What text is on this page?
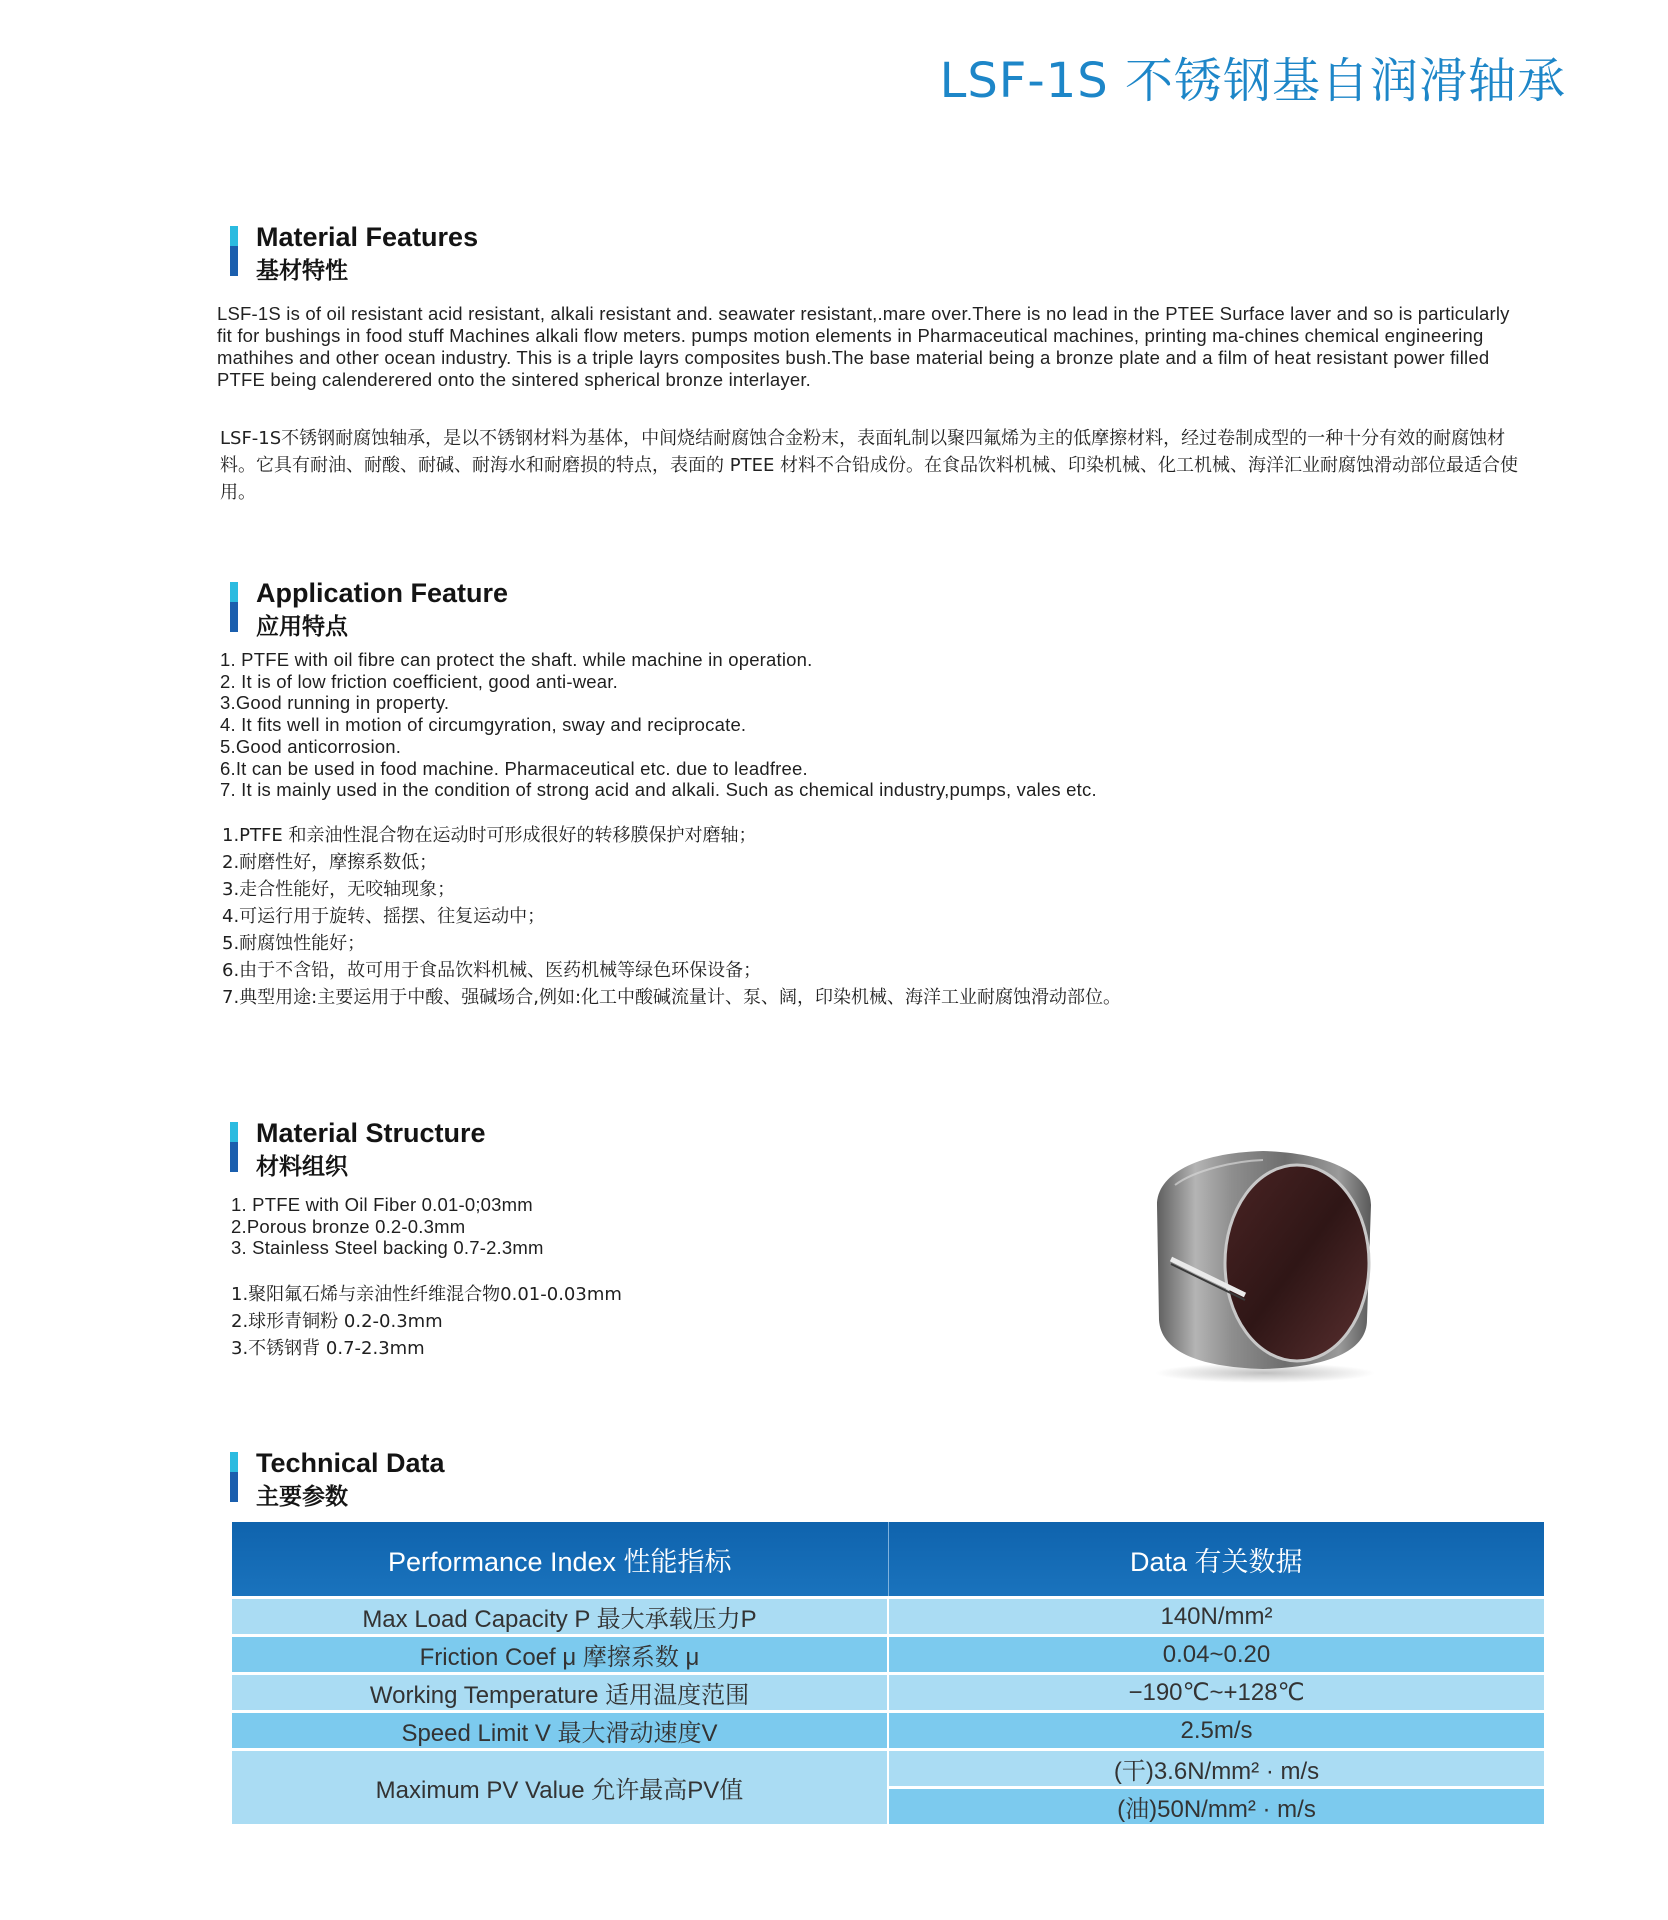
LSF-1S 不锈钢基自润滑轴承
Material Features
基材特性
LSF-1S is of oil resistant acid resistant, alkali resistant and. seawater resistant,.mare over.There is no lead in the PTEE Surface laver and so is particularly fit for bushings in food stuff Machines alkali flow meters. pumps motion elements in Pharmaceutical machines, printing ma-chines chemical engineering mathihes and other ocean industry. This is a triple layrs composites bush.The base material being a bronze plate and a film of heat resistant power filled PTFE being calenderered onto the sintered spherical bronze interlayer.
LSF-1S不锈钢耐腐蚀轴承，是以不锈钢材料为基体，中间烧结耐腐蚀合金粉末，表面轧制以聚四氟烯为主的低摩擦材料，经过卷制成型的一种十分有效的耐腐蚀材料。它具有耐油、耐酸、耐碱、耐海水和耐磨损的特点，表面的 PTEE 材料不合铅成份。在食品饮料机械、印染机械、化工机械、海洋汇业耐腐蚀滑动部位最适合使用。
Application Feature
应用特点
1. PTFE with oil fibre can protect the shaft. while machine in operation.
2. It is of low friction coefficient, good anti-wear.
3.Good running in property.
4. It fits well in motion of circumgyration, sway and reciprocate.
5.Good anticorrosion.
6.It can be used in food machine. Pharmaceutical etc. due to leadfree.
7. It is mainly used in the condition of strong acid and alkali. Such as chemical industry,pumps, vales etc.
1.PTFE 和亲油性混合物在运动时可形成很好的转移膜保护对磨轴；
2.耐磨性好，摩擦系数低；
3.走合性能好，无咬轴现象；
4.可运行用于旋转、摇摆、往复运动中；
5.耐腐蚀性能好；
6.由于不含铅，故可用于食品饮料机械、医药机械等绿色环保设备；
7.典型用途:主要运用于中酸、强碱场合,例如:化工中酸碱流量计、泵、阔，印染机械、海洋工业耐腐蚀滑动部位。
Material Structure
材料组织
1. PTFE with Oil Fiber 0.01-0;03mm
2.Porous bronze 0.2-0.3mm
3. Stainless Steel backing 0.7-2.3mm
1.聚阳氟石烯与亲油性纤维混合物0.01-0.03mm
2.球形青铜粉 0.2-0.3mm
3.不锈钢背 0.7-2.3mm
Technical Data
主要参数
Performance Index 性能指标	Data 有关数据
Max Load Capacity P 最大承载压力P	140N/mm²
Friction Coef μ 摩擦系数 μ	0.04~0.20
Working Temperature 适用温度范围	−190℃~+128℃
Speed Limit V 最大滑动速度V	2.5m/s
Maximum PV Value 允许最高PV值	(干)3.6N/mm² · m/s
	(油)50N/mm² · m/s
